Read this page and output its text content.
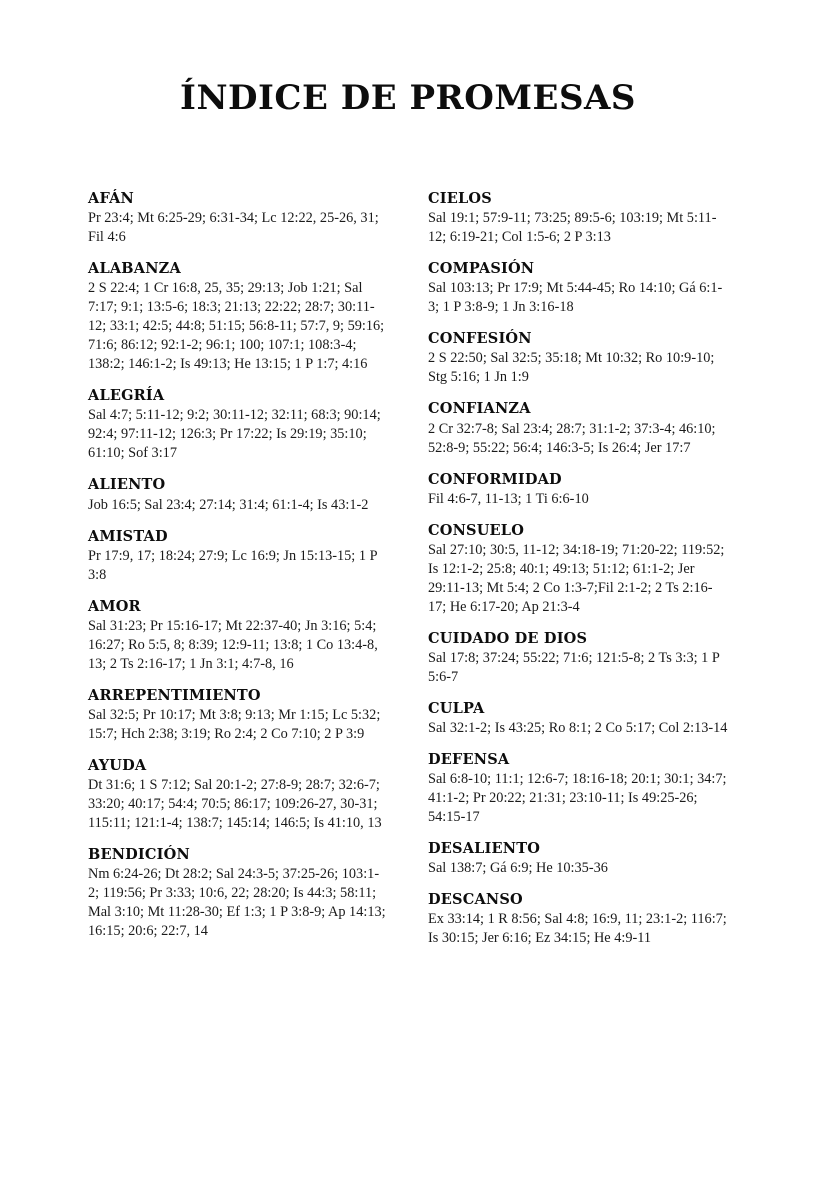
ÍNDICE DE PROMESAS
AFÁN
Pr 23:4; Mt 6:25-29; 6:31-34; Lc 12:22, 25-26, 31; Fil 4:6
ALABANZA
2 S 22:4; 1 Cr 16:8, 25, 35; 29:13; Job 1:21; Sal 7:17; 9:1; 13:5-6; 18:3; 21:13; 22:22; 28:7; 30:11-12; 33:1; 42:5; 44:8; 51:15; 56:8-11; 57:7, 9; 59:16; 71:6; 86:12; 92:1-2; 96:1; 100; 107:1; 108:3-4; 138:2; 146:1-2; Is 49:13; He 13:15; 1 P 1:7; 4:16
ALEGRÍA
Sal 4:7; 5:11-12; 9:2; 30:11-12; 32:11; 68:3; 90:14; 92:4; 97:11-12; 126:3; Pr 17:22; Is 29:19; 35:10; 61:10; Sof 3:17
ALIENTO
Job 16:5; Sal 23:4; 27:14; 31:4; 61:1-4; Is 43:1-2
AMISTAD
Pr 17:9, 17; 18:24; 27:9; Lc 16:9; Jn 15:13-15; 1 P 3:8
AMOR
Sal 31:23; Pr 15:16-17; Mt 22:37-40; Jn 3:16; 5:4; 16:27; Ro 5:5, 8; 8:39; 12:9-11; 13:8; 1 Co 13:4-8, 13; 2 Ts 2:16-17; 1 Jn 3:1; 4:7-8, 16
ARREPENTIMIENTO
Sal 32:5; Pr 10:17; Mt 3:8; 9:13; Mr 1:15; Lc 5:32; 15:7; Hch 2:38; 3:19; Ro 2:4; 2 Co 7:10; 2 P 3:9
AYUDA
Dt 31:6; 1 S 7:12; Sal 20:1-2; 27:8-9; 28:7; 32:6-7; 33:20; 40:17; 54:4; 70:5; 86:17; 109:26-27, 30-31; 115:11; 121:1-4; 138:7; 145:14; 146:5; Is 41:10, 13
BENDICIÓN
Nm 6:24-26; Dt 28:2; Sal 24:3-5; 37:25-26; 103:1-2; 119:56; Pr 3:33; 10:6, 22; 28:20; Is 44:3; 58:11; Mal 3:10; Mt 11:28-30; Ef 1:3; 1 P 3:8-9; Ap 14:13; 16:15; 20:6; 22:7, 14
CIELOS
Sal 19:1; 57:9-11; 73:25; 89:5-6; 103:19; Mt 5:11-12; 6:19-21; Col 1:5-6; 2 P 3:13
COMPASIÓN
Sal 103:13; Pr 17:9; Mt 5:44-45; Ro 14:10; Gá 6:1-3; 1 P 3:8-9; 1 Jn 3:16-18
CONFESIÓN
2 S 22:50; Sal 32:5; 35:18; Mt 10:32; Ro 10:9-10; Stg 5:16; 1 Jn 1:9
CONFIANZA
2 Cr 32:7-8; Sal 23:4; 28:7; 31:1-2; 37:3-4; 46:10; 52:8-9; 55:22; 56:4; 146:3-5; Is 26:4; Jer 17:7
CONFORMIDAD
Fil 4:6-7, 11-13; 1 Ti 6:6-10
CONSUELO
Sal 27:10; 30:5, 11-12; 34:18-19; 71:20-22; 119:52; Is 12:1-2; 25:8; 40:1; 49:13; 51:12; 61:1-2; Jer 29:11-13; Mt 5:4; 2 Co 1:3-7;Fil 2:1-2; 2 Ts 2:16-17; He 6:17-20; Ap 21:3-4
CUIDADO DE DIOS
Sal 17:8; 37:24; 55:22; 71:6; 121:5-8; 2 Ts 3:3; 1 P 5:6-7
CULPA
Sal 32:1-2; Is 43:25; Ro 8:1; 2 Co 5:17; Col 2:13-14
DEFENSA
Sal 6:8-10; 11:1; 12:6-7; 18:16-18; 20:1; 30:1; 34:7; 41:1-2; Pr 20:22; 21:31; 23:10-11; Is 49:25-26; 54:15-17
DESALIENTO
Sal 138:7; Gá 6:9; He 10:35-36
DESCANSO
Ex 33:14; 1 R 8:56; Sal 4:8; 16:9, 11; 23:1-2; 116:7; Is 30:15; Jer 6:16; Ez 34:15; He 4:9-11
